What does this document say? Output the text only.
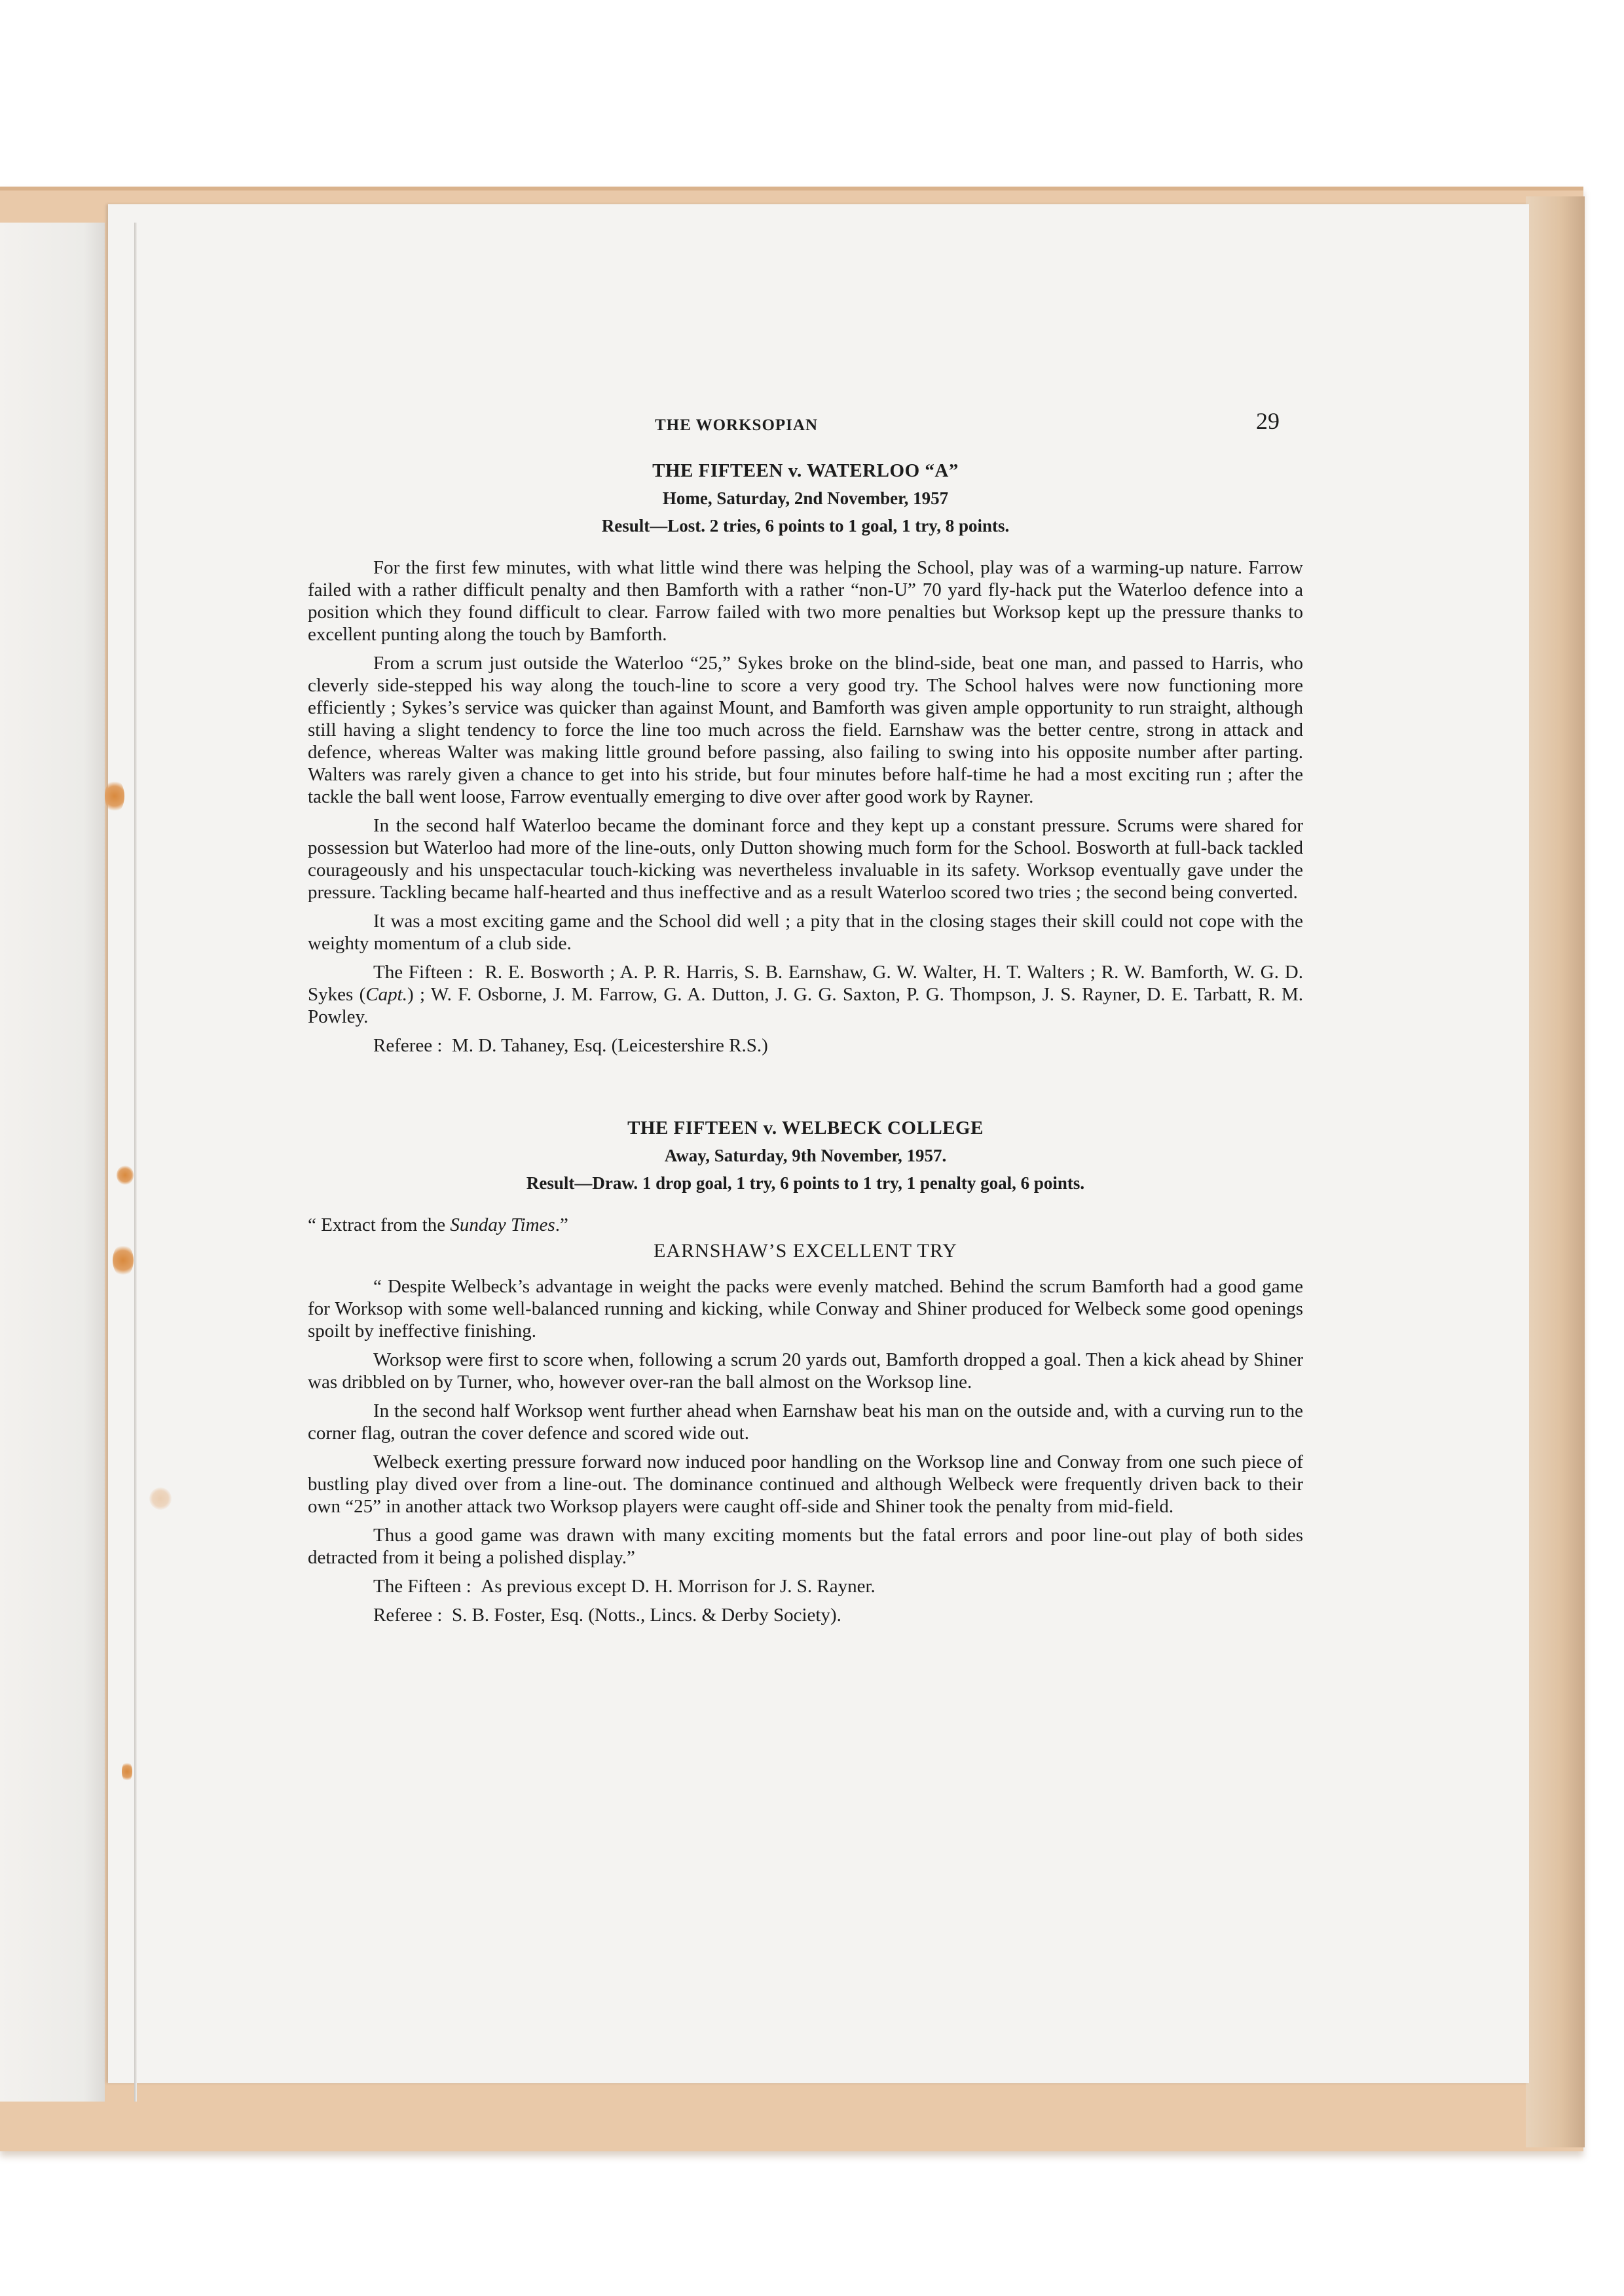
THE WORKSOPIAN	29

THE FIFTEEN v. WATERLOO “A”

Home, Saturday, 2nd November, 1957

Result—Lost. 2 tries, 6 points to 1 goal, 1 try, 8 points.

For the first few minutes, with what little wind there was helping the School, play was of a warming-up nature. Farrow failed with a rather difficult penalty and then Bamforth with a rather “non-U” 70 yard fly-hack put the Waterloo defence into a position which they found difficult to clear. Farrow failed with two more penalties but Worksop kept up the pressure thanks to excellent punting along the touch by Bamforth.

From a scrum just outside the Waterloo “25,” Sykes broke on the blind-side, beat one man, and passed to Harris, who cleverly side-stepped his way along the touch-line to score a very good try. The School halves were now functioning more efficiently ; Sykes’s service was quicker than against Mount, and Bamforth was given ample opportunity to run straight, although still having a slight tendency to force the line too much across the field. Earnshaw was the better centre, strong in attack and defence, whereas Walter was making little ground before passing, also failing to swing into his opposite number after parting. Walters was rarely given a chance to get into his stride, but four minutes before half-time he had a most exciting run ; after the tackle the ball went loose, Farrow eventually emerging to dive over after good work by Rayner.

In the second half Waterloo became the dominant force and they kept up a constant pressure. Scrums were shared for possession but Waterloo had more of the line-outs, only Dutton showing much form for the School. Bosworth at full-back tackled courageously and his unspectacular touch-kicking was nevertheless invaluable in its safety. Worksop eventually gave under the pressure. Tackling became half-hearted and thus ineffective and as a result Waterloo scored two tries ; the second being converted.

It was a most exciting game and the School did well ; a pity that in the closing stages their skill could not cope with the weighty momentum of a club side.

The Fifteen : R. E. Bosworth ; A. P. R. Harris, S. B. Earnshaw, G. W. Walter, H. T. Walters ; R. W. Bamforth, W. G. D. Sykes (Capt.) ; W. F. Osborne, J. M. Farrow, G. A. Dutton, J. G. G. Saxton, P. G. Thompson, J. S. Rayner, D. E. Tarbatt, R. M. Powley.

Referee : M. D. Tahaney, Esq. (Leicestershire R.S.)

THE FIFTEEN v. WELBECK COLLEGE

Away, Saturday, 9th November, 1957.

Result—Draw. 1 drop goal, 1 try, 6 points to 1 try, 1 penalty goal, 6 points.

“ Extract from the Sunday Times.”

EARNSHAW’S EXCELLENT TRY

“ Despite Welbeck’s advantage in weight the packs were evenly matched. Behind the scrum Bamforth had a good game for Worksop with some well-balanced running and kicking, while Conway and Shiner produced for Welbeck some good openings spoilt by ineffective finishing.

Worksop were first to score when, following a scrum 20 yards out, Bamforth dropped a goal. Then a kick ahead by Shiner was dribbled on by Turner, who, however over-ran the ball almost on the Worksop line.

In the second half Worksop went further ahead when Earnshaw beat his man on the outside and, with a curving run to the corner flag, outran the cover defence and scored wide out.

Welbeck exerting pressure forward now induced poor handling on the Worksop line and Conway from one such piece of bustling play dived over from a line-out. The dominance continued and although Welbeck were frequently driven back to their own “25” in another attack two Worksop players were caught off-side and Shiner took the penalty from mid-field.

Thus a good game was drawn with many exciting moments but the fatal errors and poor line-out play of both sides detracted from it being a polished display.”

The Fifteen : As previous except D. H. Morrison for J. S. Rayner.

Referee : S. B. Foster, Esq. (Notts., Lincs. & Derby Society).
